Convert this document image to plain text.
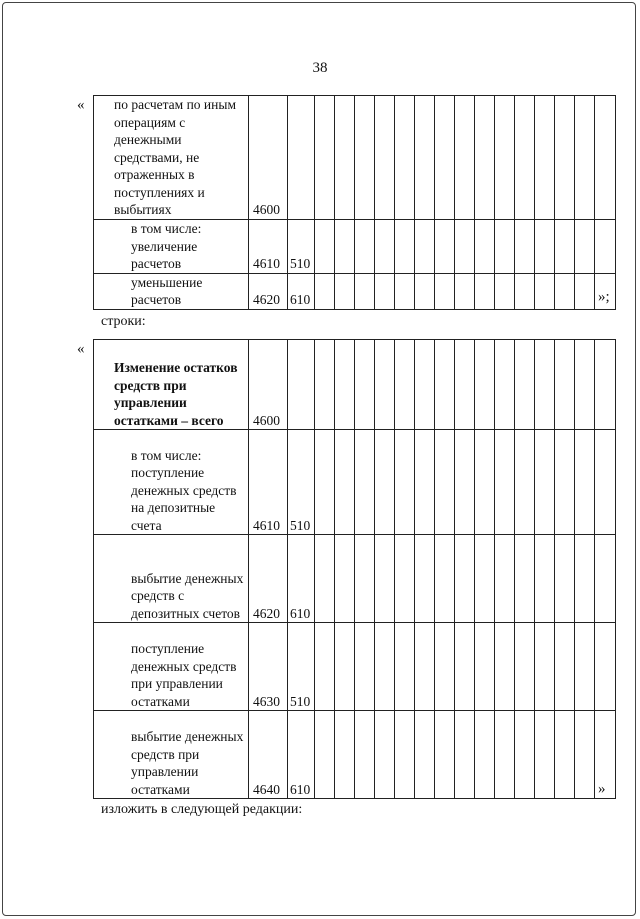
38
« по расчетам по иным операциям с денежными средствами, не отраженных в поступлениях и выбытиях	4600																
в том числе: увеличение расчетов	4610	510															
уменьшение расчетов	4620	610																»;
строки:
«
Изменение остатков средств при управлении остатками – всего	4600																
в том числе: поступление денежных средств на депозитные счета	4610	510															
выбытие денежных средств с депозитных счетов	4620	610															
поступление денежных средств при управлении остатками	4630	510															
выбытие денежных средств при управлении остатками	4640	610																»
изложить в следующей редакции:
